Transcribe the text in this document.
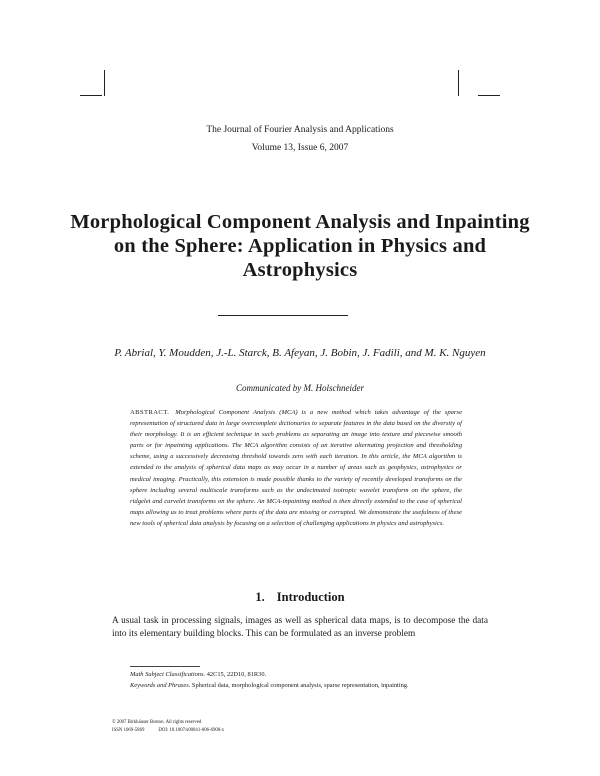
The Journal of Fourier Analysis and Applications
Volume 13, Issue 6, 2007
Morphological Component Analysis and Inpainting on the Sphere: Application in Physics and Astrophysics
P. Abrial, Y. Moudden, J.-L. Starck, B. Afeyan, J. Bobin, J. Fadili, and M. K. Nguyen
Communicated by M. Holschneider

ABSTRACT. Morphological Component Analysis (MCA) is a new method which takes advantage of the sparse representation of structured data in large overcomplete dictionaries to separate features in the data based on the diversity of their morphology. It is an efficient technique in such problems as separating an image into texture and piecewise smooth parts or for inpainting applications. The MCA algorithm consists of an iterative alternating projection and thresholding scheme, using a successively decreasing threshold towards zero with each iteration. In this article, the MCA algorithm is extended to the analysis of spherical data maps as may occur in a number of areas such as geophysics, astrophysics or medical imaging. Practically, this extension is made possible thanks to the variety of recently developed transforms on the sphere including several multiscale transforms such as the undecimated isotropic wavelet transform on the sphere, the ridgelet and curvelet transforms on the sphere. An MCA-inpainting method is then directly extended to the case of spherical maps allowing us to treat problems where parts of the data are missing or corrupted. We demonstrate the usefulness of these new tools of spherical data analysis by focusing on a selection of challenging applications in physics and astrophysics.

1. Introduction

A usual task in processing signals, images as well as spherical data maps, is to decompose the data into its elementary building blocks. This can be formulated as an inverse problem

Math Subject Classifications. 42C15, 22D10, 81R30.

Keywords and Phrases. Spherical data, morphological component analysis, sparse representation, inpainting.

© 2007 Birkhäuser Boston. All rights reserved

ISSN 1069-5869	DOI: 10.1007/s00041-006-6908-x
